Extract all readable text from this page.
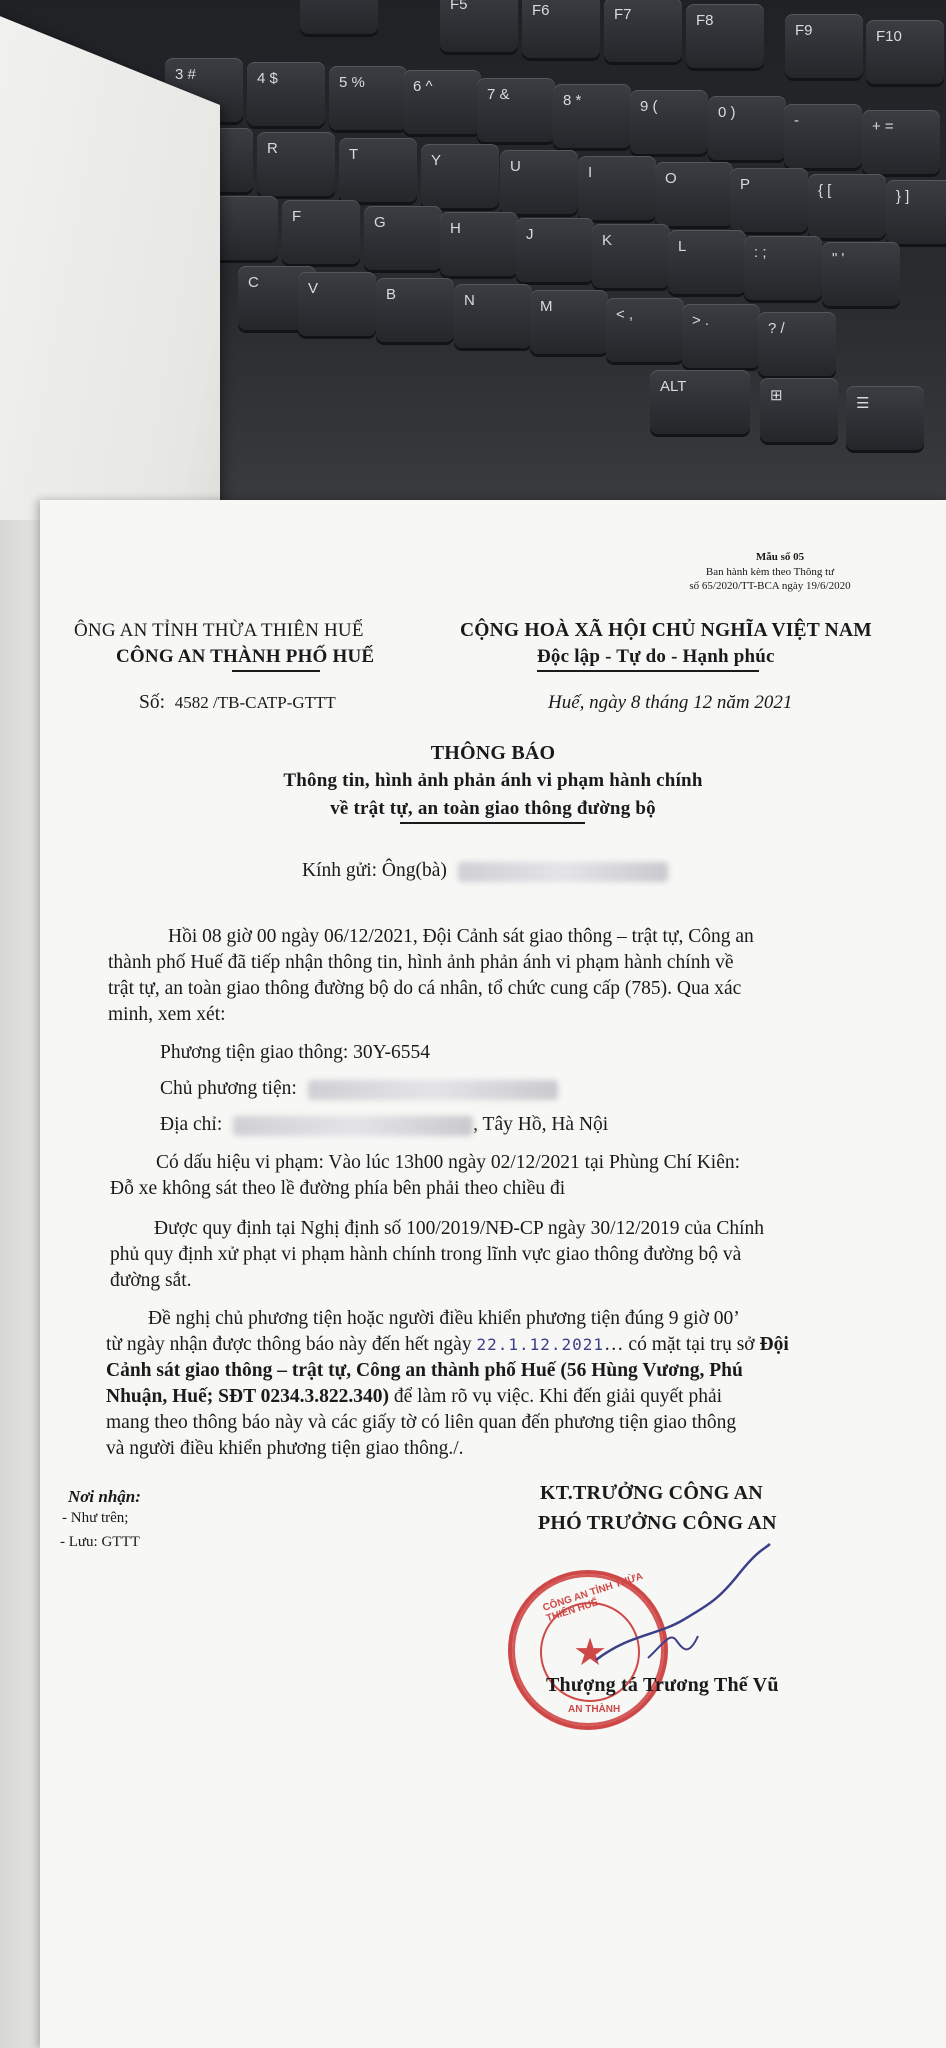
F5	F6	F7	F8
F9	F10
3 #	4 $	5 %	6 ^	7 &	8 *	9 (	0 )	-	+ =
R	T	Y	U	I	O	P	{ [	} ]
F	G	H	J	K	L	: ;	" '
C	V	B	N	M	< ,	> .	? /
ALT
⊞	☰
Mẫu số 05
Ban hành kèm theo Thông tư
số 65/2020/TT-BCA ngày 19/6/2020
ÔNG AN TỈNH THỪA THIÊN HUẾ
CÔNG AN THÀNH PHỐ HUẾ
CỘNG HOÀ XÃ HỘI CHỦ NGHĨA VIỆT NAM
Độc lập - Tự do - Hạnh phúc
Số: 4582 /TB-CATP-GTTT	Huế, ngày 8 tháng 12 năm 2021
THÔNG BÁO
Thông tin, hình ảnh phản ánh vi phạm hành chính
về trật tự, an toàn giao thông đường bộ
Kính gửi: Ông(bà)
Hồi 08 giờ 00 ngày 06/12/2021, Đội Cảnh sát giao thông – trật tự, Công an
thành phố Huế đã tiếp nhận thông tin, hình ảnh phản ánh vi phạm hành chính về
trật tự, an toàn giao thông đường bộ do cá nhân, tổ chức cung cấp (785). Qua xác
minh, xem xét:
Phương tiện giao thông: 30Y-6554
Chủ phương tiện:
Địa chỉ:	, Tây Hồ, Hà Nội
Có dấu hiệu vi phạm: Vào lúc 13h00 ngày 02/12/2021 tại Phùng Chí Kiên:
Đỗ xe không sát theo lề đường phía bên phải theo chiều đi
Được quy định tại Nghị định số 100/2019/NĐ-CP ngày 30/12/2019 của Chính
phủ quy định xử phạt vi phạm hành chính trong lĩnh vực giao thông đường bộ và
đường sắt.
Đề nghị chủ phương tiện hoặc người điều khiển phương tiện đúng 9 giờ 00’
từ ngày nhận được thông báo này đến hết ngày 22.1.12.2021… có mặt tại trụ sở Đội
Cảnh sát giao thông – trật tự, Công an thành phố Huế (56 Hùng Vương, Phú
Nhuận, Huế; SĐT 0234.3.822.340) để làm rõ vụ việc. Khi đến giải quyết phải
mang theo thông báo này và các giấy tờ có liên quan đến phương tiện giao thông
và người điều khiển phương tiện giao thông./.
Nơi nhận:
- Như trên;
- Lưu: GTTT
KT.TRƯỞNG CÔNG AN
PHÓ TRƯỞNG CÔNG AN
CÔNG AN TỈNH THỪA THIÊN HUẾ
★
AN THÀNH
Thượng tá Trương Thế Vũ
